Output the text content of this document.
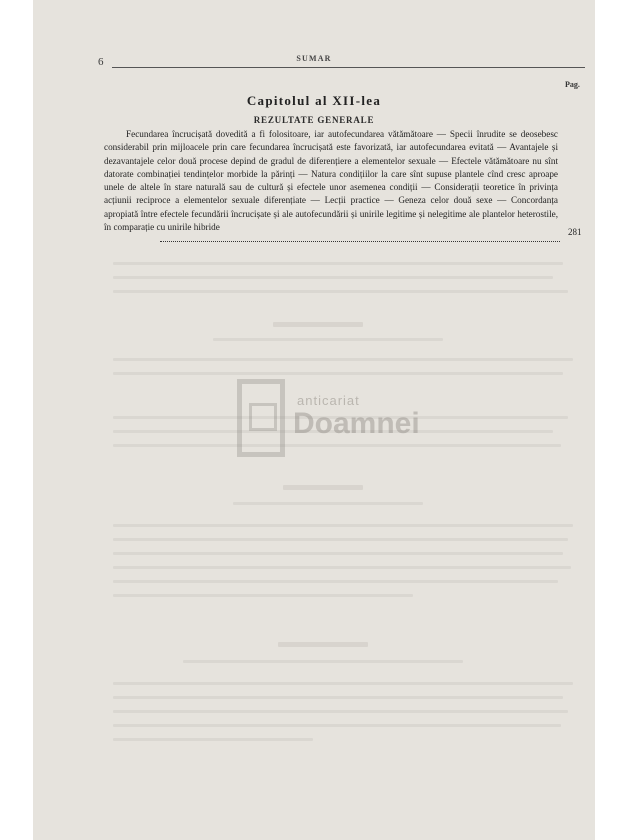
6	SUMAR
Pag.
Capitolul al XII-lea
REZULTATE GENERALE

Fecundarea încrucișată dovedită a fi folositoare, iar autofecundarea vătămătoare — Specii înrudite se deosebesc considerabil prin mijloacele prin care fecundarea încrucișată este favorizată, iar autofecundarea evitată — Avantajele și dezavantajele celor două procese depind de gradul de diferențiere a elementelor sexuale — Efectele vătămătoare nu sînt datorate combinației tendințelor morbide la părinți — Natura condițiilor la care sînt supuse plantele cînd cresc aproape unele de altele în stare naturală sau de cultură și efectele unor asemenea condiții — Considerații teoretice în privința acțiunii reciproce a elementelor sexuale diferențiate — Lecții practice — Geneza celor două sexe — Concordanța apropiată între efectele fecundării încrucișate și ale autofecundării și unirile legitime și nelegitime ale plantelor heterostile, în comparație cu unirile hibride	281
anticariat
Doamnei
